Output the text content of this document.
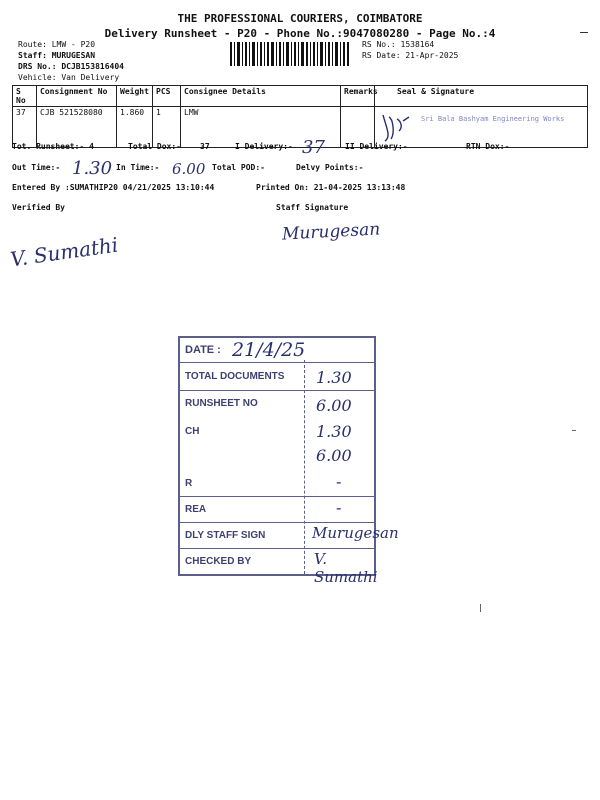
THE PROFESSIONAL COURIERS, COIMBATORE
Delivery Runsheet - P20 - Phone No.:9047080280 - Page No.:4
Route: LMW - P20
Staff: MURUGESAN
DRS No.: DCJB153816404
Vehicle: Van Delivery
RS No.: 1538164
RS Date: 21-Apr-2025
S No	Consignment No	Weight	PCS	Consignee Details	Remarks	Seal & Signature
37	CJB 521528080	1.860	1	LMW		Sri Bala Bashyam Engineering Works
Tot. Runsheet:- 4	Total Dox:- 37	I Delivery:- 37	II Delivery:-	RTN Dox:-
Out Time:- 1.30 In Time:- 6.00 Total POD:-	Delvy Points:-
Entered By :SUMATHIP20 04/21/2025 13:10:44	Printed On: 21-04-2025 13:13:48
Verified By	Staff Signature
V. Sumathi
Murugesan
DATE : 21/4/25
TOTAL DOCUMENTS 1.30
RUNSHEET NO	6.00
CH	1.30
6.00
R	-
REA	-
DLY STAFF SIGN	Murugesan
CHECKED BY	V. Sumathi
